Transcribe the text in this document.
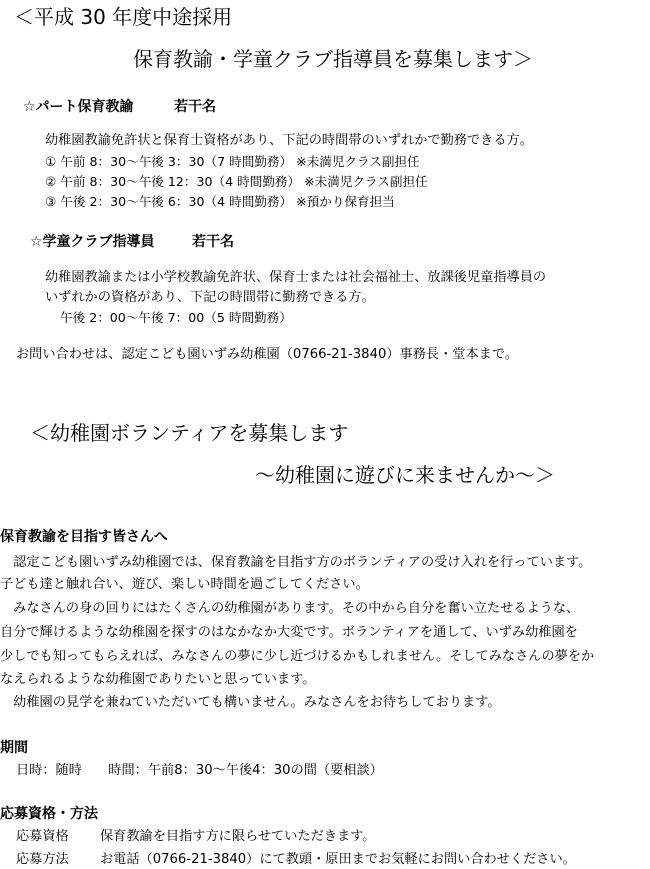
＜平成 30 年度中途採用
保育教諭・学童クラブ指導員を募集します＞
☆パート保育教諭	若干名
幼稚園教諭免許状と保育士資格があり、下記の時間帯のいずれかで勤務できる方。
① 午前 8：30〜午後 3：30（7 時間勤務） ※未満児クラス副担任
② 午前 8：30〜午後 12：30（4 時間勤務） ※未満児クラス副担任
③ 午後 2：30〜午後 6：30（4 時間勤務） ※預かり保育担当
☆学童クラブ指導員	若干名
幼稚園教諭または小学校教諭免許状、保育士または社会福祉士、放課後児童指導員の
いずれかの資格があり、下記の時間帯に勤務できる方。
午後 2：00〜午後 7：00（5 時間勤務）
お問い合わせは、認定こども園いずみ幼稚園（0766-21-3840）事務長・堂本まで。
＜幼稚園ボランティアを募集します
〜幼稚園に遊びに来ませんか〜＞
保育教諭を目指す皆さんへ
　認定こども園いずみ幼稚園では、保育教諭を目指す方のボランティアの受け入れを行っています。
子ども達と触れ合い、遊び、楽しい時間を過ごしてください。
　みなさんの身の回りにはたくさんの幼稚園があります。その中から自分を奮い立たせるような、
自分で輝けるような幼稚園を探すのはなかなか大変です。ボランティアを通して、いずみ幼稚園を
少しでも知ってもらえれば、みなさんの夢に少し近づけるかもしれません。そしてみなさんの夢をか
なえられるような幼稚園でありたいと思っています。
　幼稚園の見学を兼ねていただいても構いません。みなさんをお待ちしております。
期間
日時：随時　　時間：午前8：30〜午後4：30の間（要相談）
応募資格・方法
応募資格 保育教諭を目指す方に限らせていただきます。
応募方法 お電話（0766-21-3840）にて教頭・原田までお気軽にお問い合わせください。
